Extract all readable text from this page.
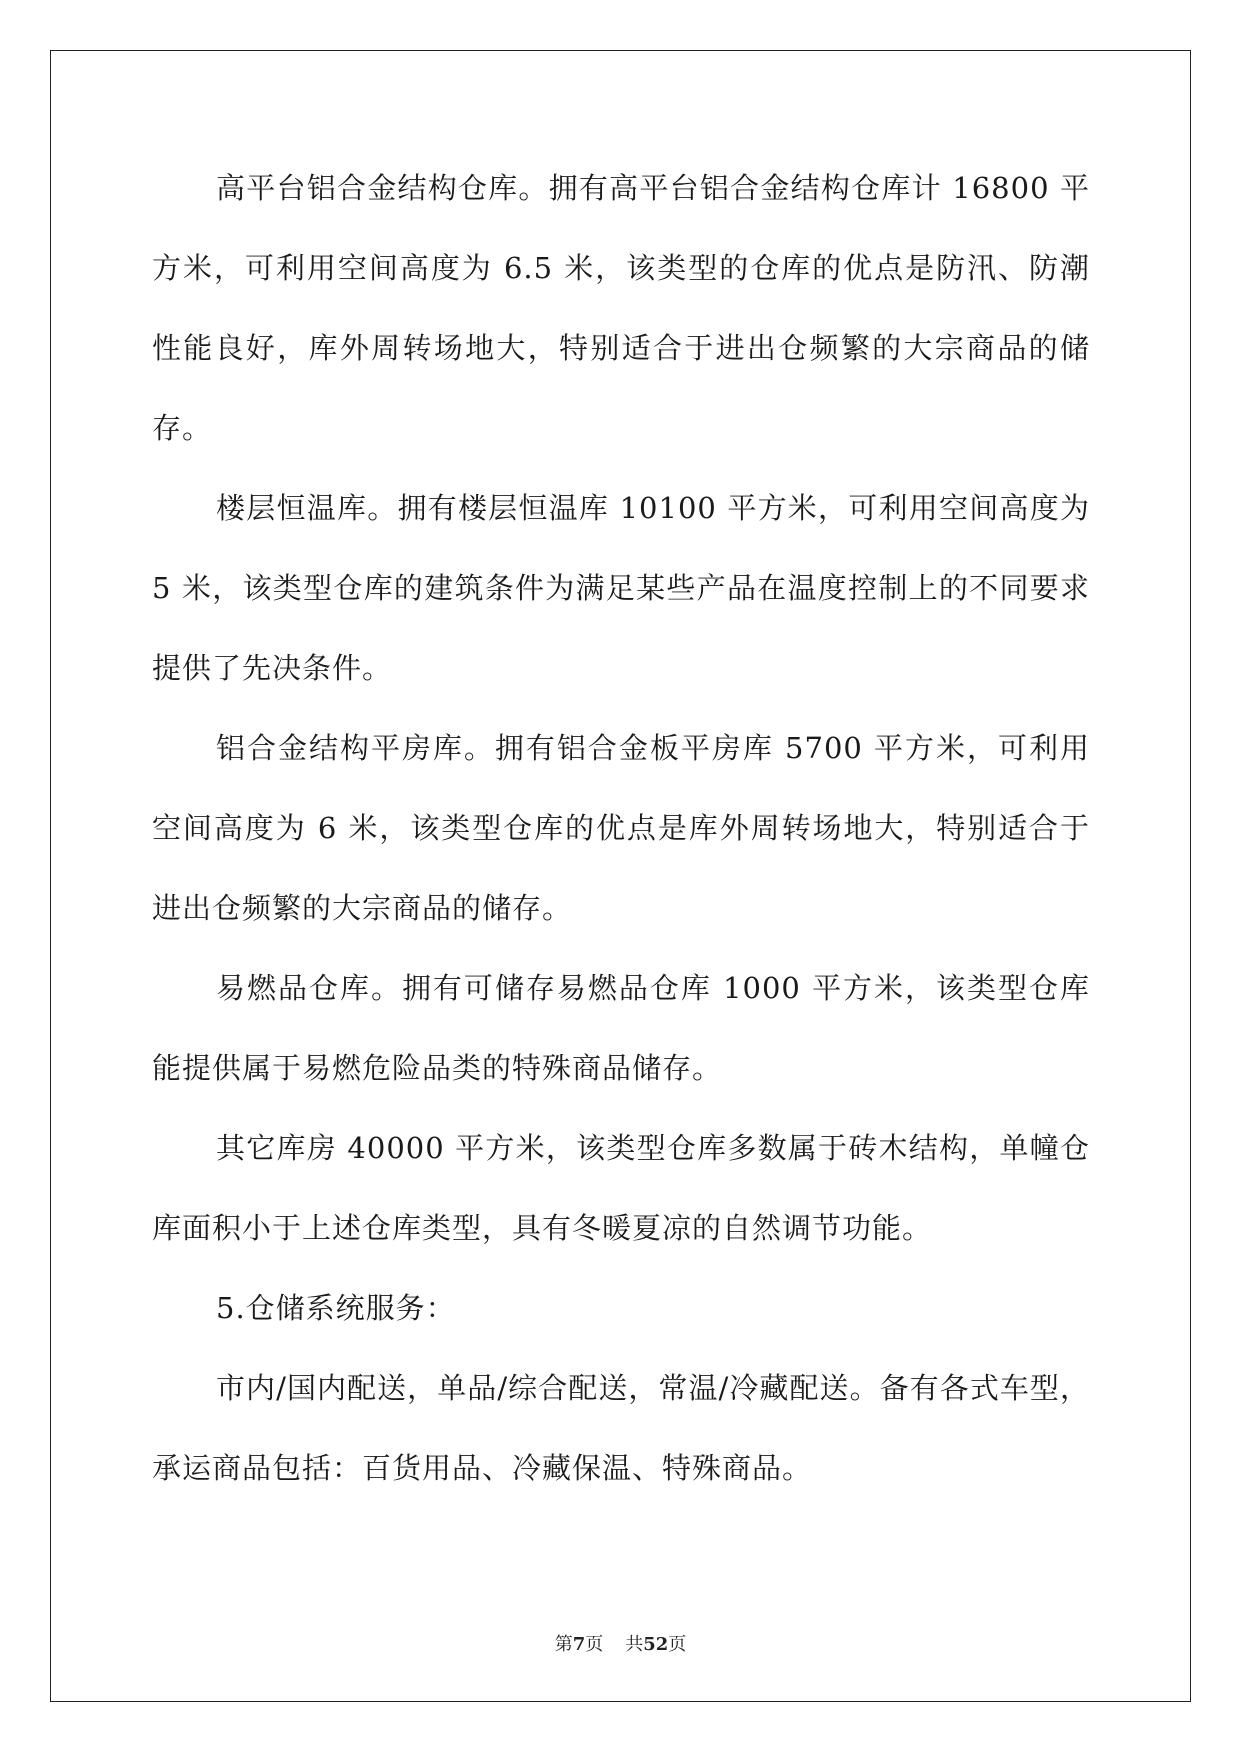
高平台铝合金结构仓库。拥有高平台铝合金结构仓库计 16800 平方米，可利用空间高度为 6.5 米，该类型的仓库的优点是防汛、防潮性能良好，库外周转场地大，特别适合于进出仓频繁的大宗商品的储存。

楼层恒温库。拥有楼层恒温库 10100 平方米，可利用空间高度为 5 米，该类型仓库的建筑条件为满足某些产品在温度控制上的不同要求提供了先决条件。

铝合金结构平房库。拥有铝合金板平房库 5700 平方米，可利用空间高度为 6 米，该类型仓库的优点是库外周转场地大，特别适合于进出仓频繁的大宗商品的储存。

易燃品仓库。拥有可储存易燃品仓库 1000 平方米，该类型仓库能提供属于易燃危险品类的特殊商品储存。

其它库房 40000 平方米，该类型仓库多数属于砖木结构，单幢仓库面积小于上述仓库类型，具有冬暖夏凉的自然调节功能。

5.仓储系统服务：

市内/国内配送，单品/综合配送，常温/冷藏配送。备有各式车型，承运商品包括：百货用品、冷藏保温、特殊商品。

第7页 共52页
